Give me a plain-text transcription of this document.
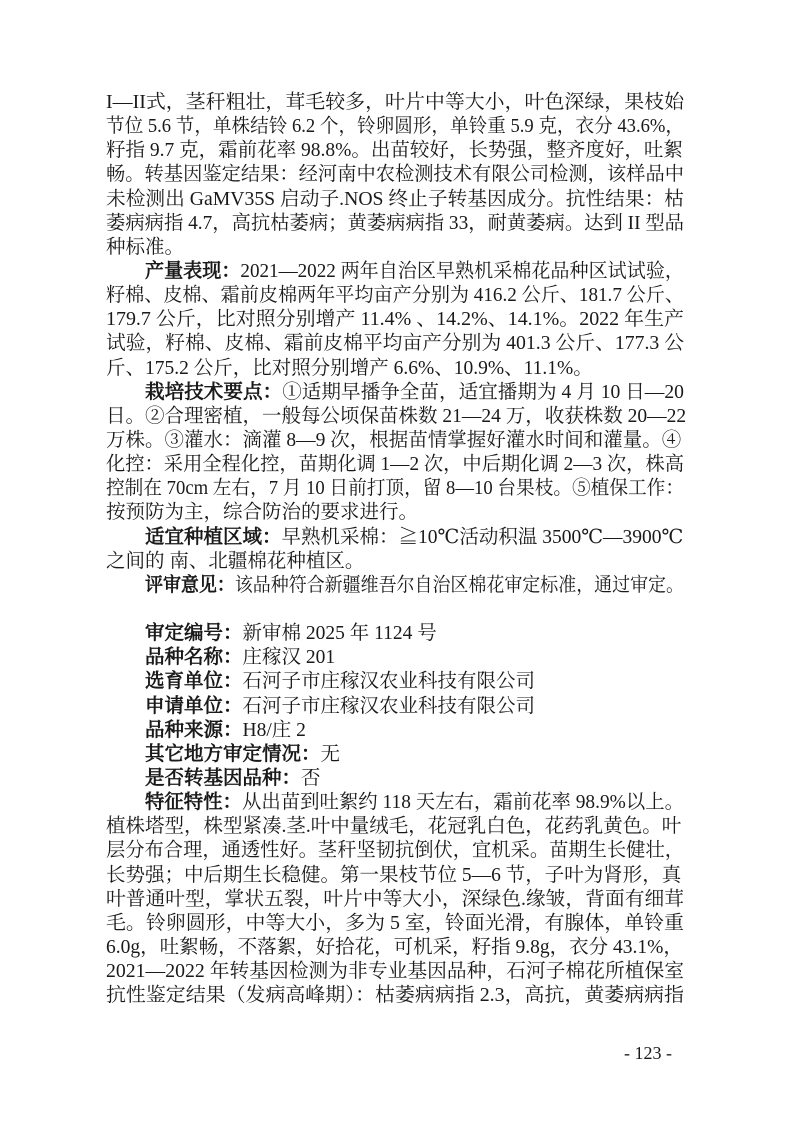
I—II式，茎秆粗壮，茸毛较多，叶片中等大小，叶色深绿，果枝始
节位 5.6 节，单株结铃 6.2 个，铃卵圆形，单铃重 5.9 克，衣分 43.6%，
籽指 9.7 克，霜前花率 98.8%。出苗较好，长势强，整齐度好，吐絮
畅。转基因鉴定结果：经河南中农检测技术有限公司检测，该样品中
未检测出 GaMV35S 启动子.NOS 终止子转基因成分。抗性结果：枯
萎病病指 4.7，高抗枯萎病；黄萎病病指 33，耐黄萎病。达到 II 型品
种标准。
产量表现：2021—2022 两年自治区早熟机采棉花品种区试试验，
籽棉、皮棉、霜前皮棉两年平均亩产分别为 416.2 公斤、181.7 公斤、
179.7 公斤，比对照分别增产 11.4% 、14.2%、14.1%。2022 年生产
试验，籽棉、皮棉、霜前皮棉平均亩产分别为 401.3 公斤、177.3 公
斤、175.2 公斤，比对照分别增产 6.6%、10.9%、11.1%。
栽培技术要点：①适期早播争全苗，适宜播期为 4 月 10 日—20
日。②合理密植，一般每公顷保苗株数 21—24 万，收获株数 20—22
万株。③灌水：滴灌 8—9 次，根据苗情掌握好灌水时间和灌量。④
化控：采用全程化控，苗期化调 1—2 次，中后期化调 2—3 次，株高
控制在 70cm 左右，7 月 10 日前打顶，留 8—10 台果枝。⑤植保工作：
按预防为主，综合防治的要求进行。
适宜种植区域：早熟机采棉：≧10℃活动积温 3500℃—3900℃
之间的 南、北疆棉花种植区。
评审意见：该品种符合新疆维吾尔自治区棉花审定标准，通过审定。
审定编号：新审棉 2025 年 1124 号
品种名称：庄稼汉 201
选育单位：石河子市庄稼汉农业科技有限公司
申请单位：石河子市庄稼汉农业科技有限公司
品种来源：H8/庄 2
其它地方审定情况：无
是否转基因品种：否
特征特性：从出苗到吐絮约 118 天左右，霜前花率 98.9%以上。
植株塔型，株型紧凑.茎.叶中量绒毛，花冠乳白色，花药乳黄色。叶
层分布合理，通透性好。茎秆坚韧抗倒伏，宜机采。苗期生长健壮，
长势强；中后期生长稳健。第一果枝节位 5—6 节，子叶为肾形，真
叶普通叶型，掌状五裂，叶片中等大小，深绿色.缘皱，背面有细茸
毛。铃卵圆形，中等大小，多为 5 室，铃面光滑，有腺体，单铃重
6.0g，吐絮畅，不落絮，好拾花，可机采，籽指 9.8g，衣分 43.1%，
2021—2022 年转基因检测为非专业基因品种，石河子棉花所植保室
抗性鉴定结果（发病高峰期）：枯萎病病指 2.3，高抗，黄萎病病指
- 123 -
